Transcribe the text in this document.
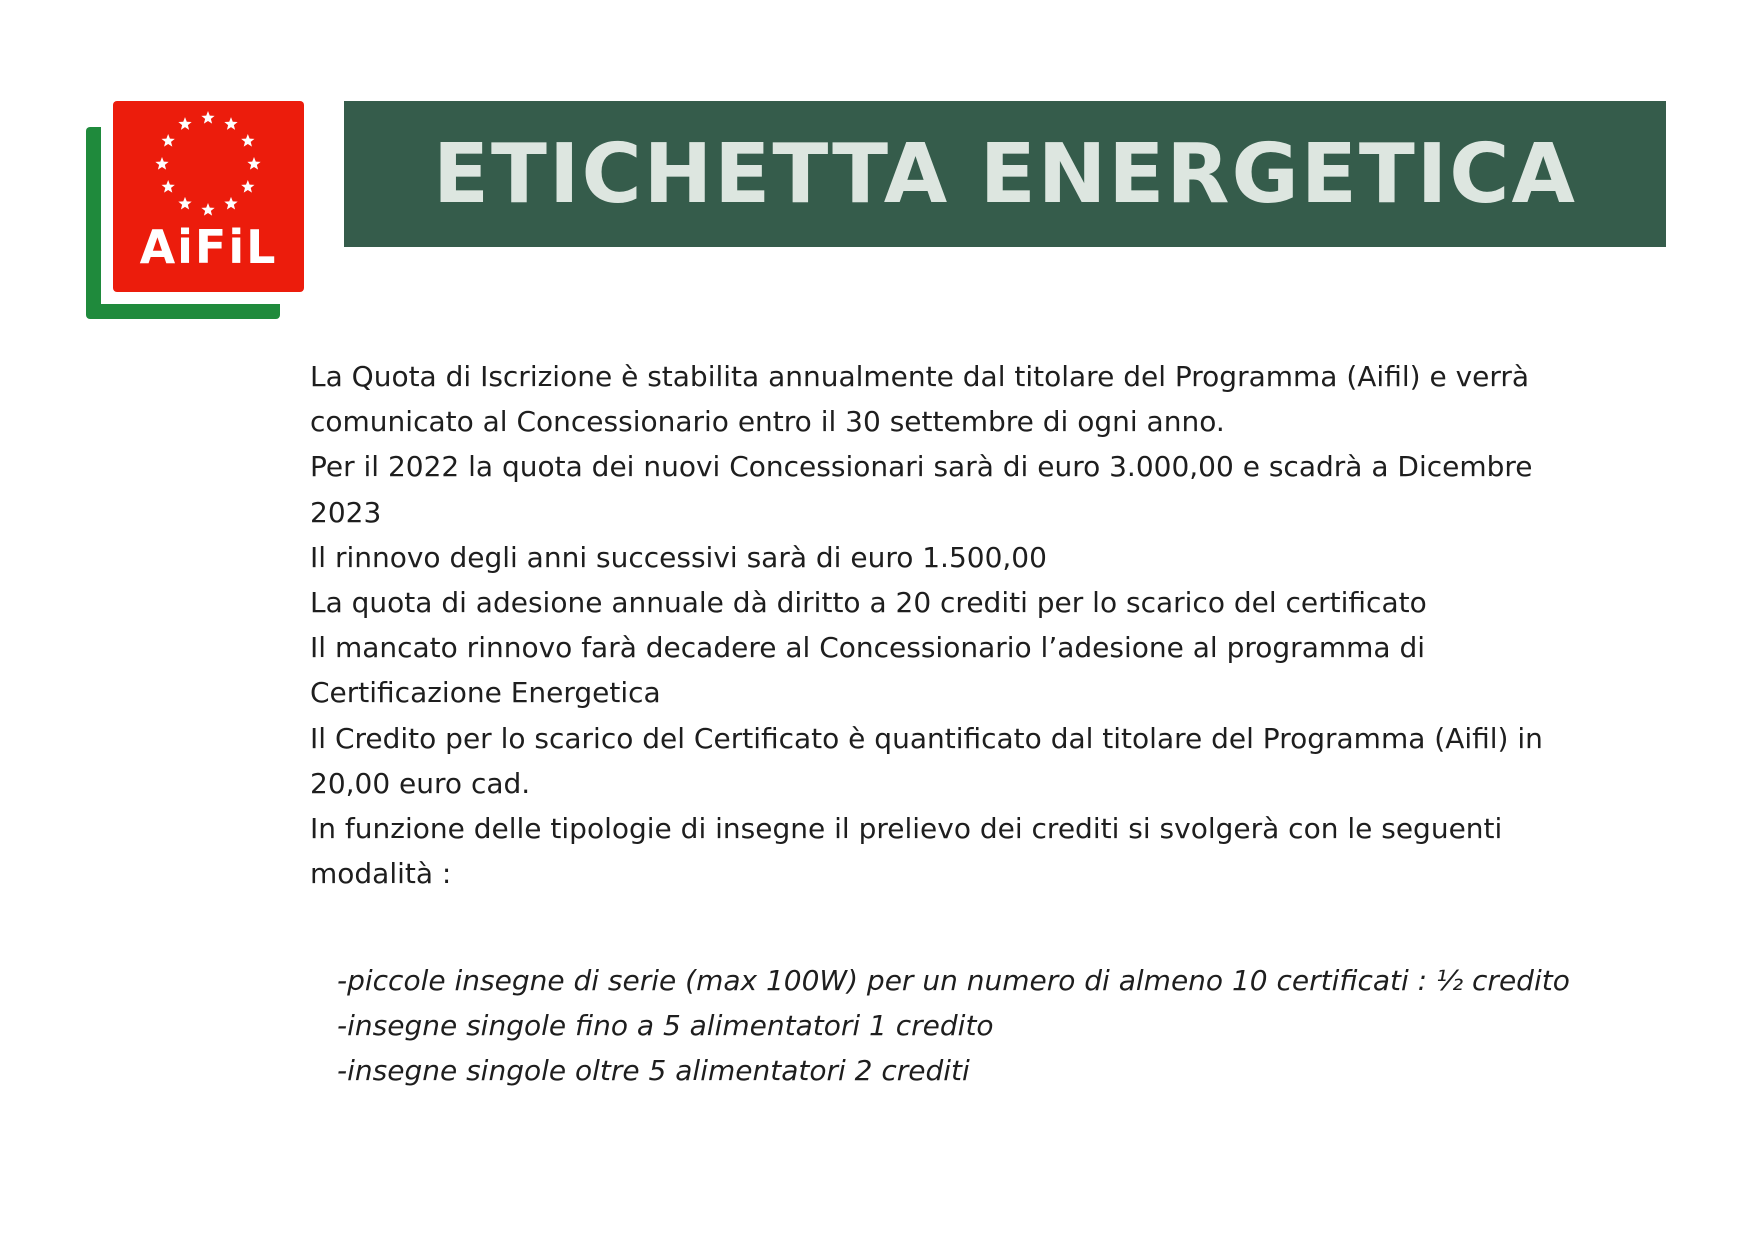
AiFiL
ETICHETTA ENERGETICA

La Quota di Iscrizione è stabilita annualmente dal titolare del Programma (Aifil) e verrà comunicato al Concessionario entro il 30 settembre di ogni anno.

Per il 2022 la quota dei nuovi Concessionari sarà di euro 3.000,00 e scadrà a Dicembre 2023

Il rinnovo degli anni successivi sarà di euro 1.500,00

La quota di adesione annuale dà diritto a 20 crediti per lo scarico del certificato

Il mancato rinnovo farà decadere al Concessionario l’adesione al programma di Certificazione Energetica

Il Credito per lo scarico del Certificato è quantificato dal titolare del Programma (Aifil) in 20,00 euro cad.

In funzione delle tipologie di insegne il prelievo dei crediti si svolgerà con le seguenti modalità :

-piccole insegne di serie (max 100W) per un numero di almeno 10 certificati : ½ credito

-insegne singole fino a 5 alimentatori 1 credito

-insegne singole oltre 5 alimentatori 2 crediti
